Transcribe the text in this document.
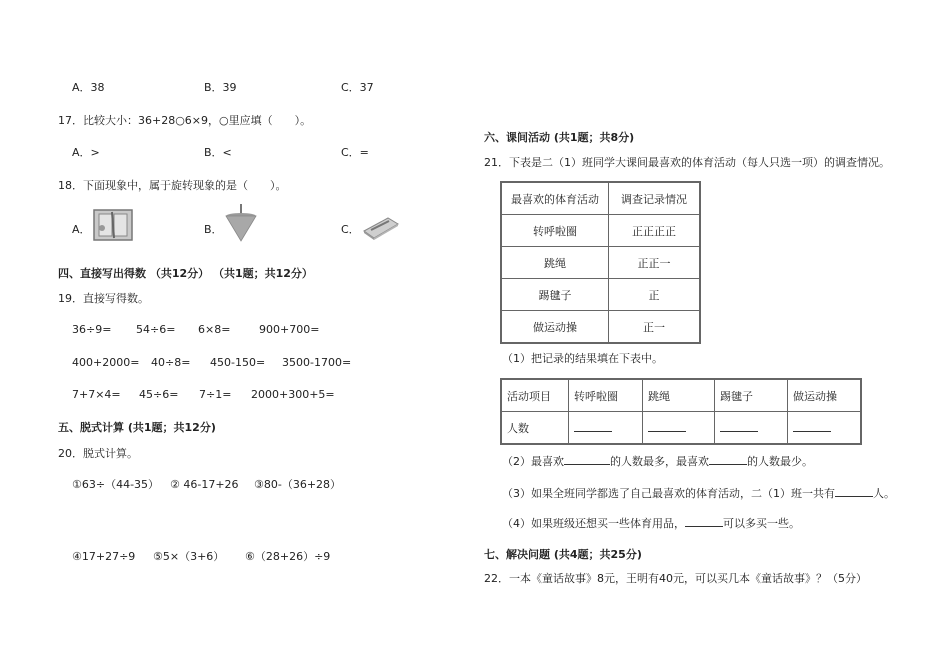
A．38	B．39	C．37
17．比较大小：36+28○6×9，○里应填（　　）。
A．>	B．<	C．=
18．下面现象中，属于旋转现象的是（　　）。
A．	B．	C．
四、直接写出得数 （共12分） （共1题；共12分）
19．直接写得数。
36÷9= 54÷6= 6×8=	900+700=
400+2000= 40÷8= 450-150= 3500-1700=
7+7×4= 45÷6= 7÷1= 2000+300+5=
五、脱式计算 (共1题；共12分)
20．脱式计算。
①63÷（44-35） ② 46-17+26 ③80-（36+28）
④17+27÷9 ⑤5×（3+6） ⑥（28+26）÷9
六、课间活动 (共1题；共8分)
21．下表是二（1）班同学大课间最喜欢的体育活动（每人只选一项）的调查情况。
最喜欢的体育活动	调查记录情况
转呼啦圈	正正正正
跳绳	正正一
踢毽子	正
做运动操	正一
（1）把记录的结果填在下表中。
活动项目	转呼啦圈	跳绳	踢毽子	做运动操
人数				
（2）最喜欢	的人数最多，最喜欢	的人数最少。
（3）如果全班同学都选了自己最喜欢的体育活动，二（1）班一共有	人。
（4）如果班级还想买一些体育用品，	可以多买一些。
七、解决问题 (共4题；共25分)
22．一本《童话故事》8元，王明有40元，可以买几本《童话故事》？（5分）
